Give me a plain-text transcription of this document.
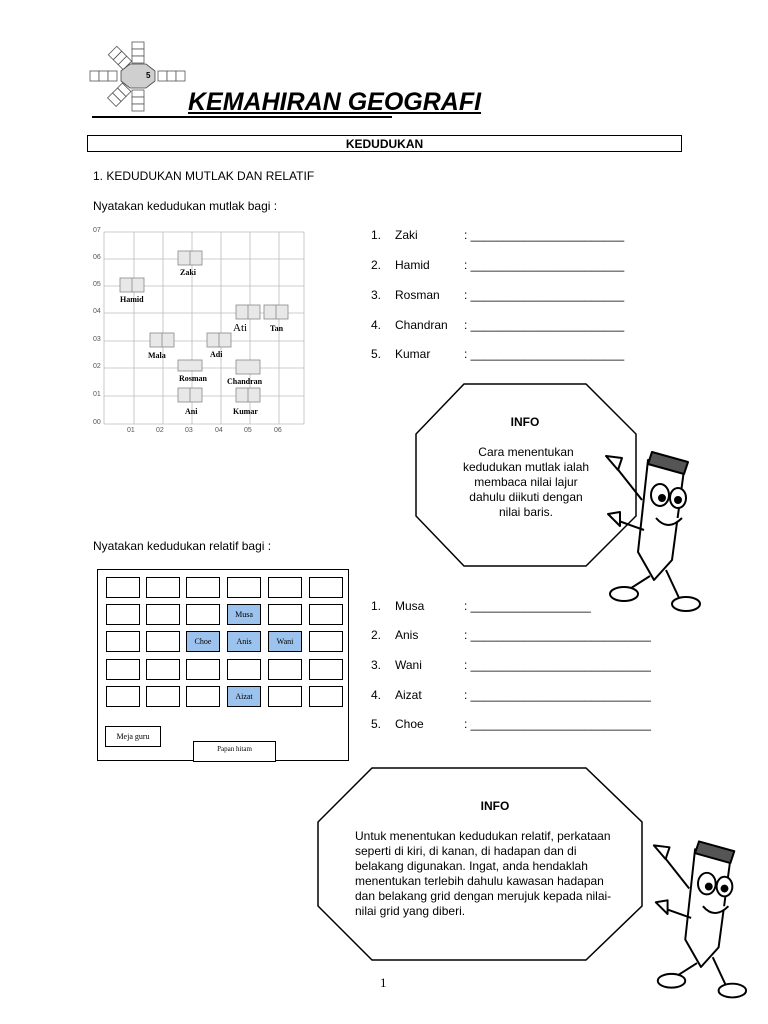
5
KEMAHIRAN GEOGRAFI
KEDUDUKAN
1. KEDUDUKAN MUTLAK DAN RELATIF
Nyatakan kedudukan mutlak bagi :
07
06
05
04
03
02
01
00
01	02	03	04	05	06
Zaki
Hamid
Ati	Tan
Mala	Adi
Rosman Chandran
Ani	Kumar
1. Zaki	: _______________________
2. Hamid	: _______________________
3. Rosman : _______________________
4. Chandran : _______________________
5. Kumar	: _______________________
INFO
Cara menentukan
kedudukan mutlak ialah
membaca nilai lajur
dahulu diikuti dengan
nilai baris.
Nyatakan kedudukan relatif bagi :
Musa
Choe	Anis	Wani
Aizat
Meja guru
Papan hitam
1. Musa	: __________________
2. Anis	: ___________________________
3. Wani	: ___________________________
4. Aizat	: ___________________________
5. Choe	: ___________________________
INFO
Untuk menentukan kedudukan relatif, perkataan
seperti di kiri, di kanan, di hadapan dan di
belakang digunakan. Ingat, anda hendaklah
menentukan terlebih dahulu kawasan hadapan
dan belakang grid dengan merujuk kepada nilai-
nilai grid yang diberi.
1
